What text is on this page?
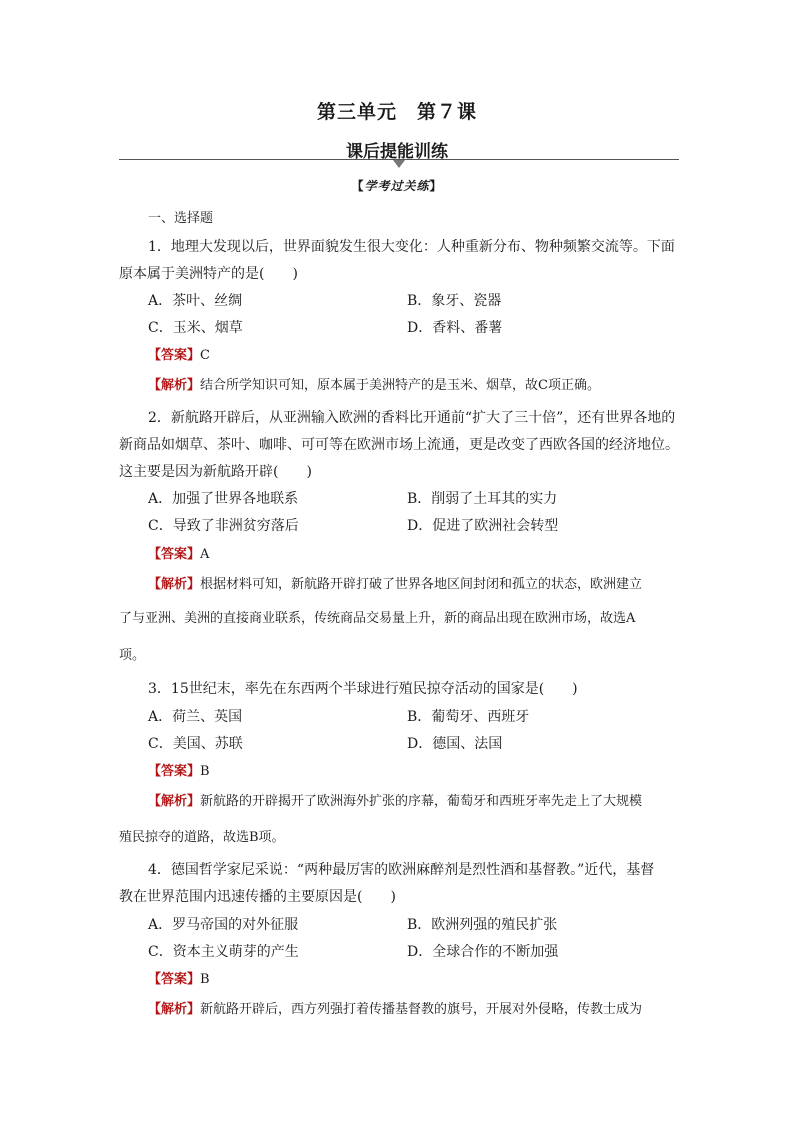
第三单元　第７课
课后提能训练
【学考过关练】
一、选择题
1．地理大发现以后，世界面貌发生很大变化：人种重新分布、物种频繁交流等。下面
原本属于美洲特产的是(　　)
A．茶叶、丝绸	B．象牙、瓷器
C．玉米、烟草	D．香料、番薯
【答案】C
【解析】结合所学知识可知，原本属于美洲特产的是玉米、烟草，故C项正确。
2．新航路开辟后，从亚洲输入欧洲的香料比开通前“扩大了三十倍”，还有世界各地的
新商品如烟草、茶叶、咖啡、可可等在欧洲市场上流通，更是改变了西欧各国的经济地位。
这主要是因为新航路开辟(　　)
A．加强了世界各地联系	B．削弱了土耳其的实力
C．导致了非洲贫穷落后	D．促进了欧洲社会转型
【答案】A
【解析】根据材料可知，新航路开辟打破了世界各地区间封闭和孤立的状态，欧洲建立
了与亚洲、美洲的直接商业联系，传统商品交易量上升，新的商品出现在欧洲市场，故选A
项。
3．15世纪末，率先在东西两个半球进行殖民掠夺活动的国家是(　　)
A．荷兰、英国	B．葡萄牙、西班牙
C．美国、苏联	D．德国、法国
【答案】B
【解析】新航路的开辟揭开了欧洲海外扩张的序幕，葡萄牙和西班牙率先走上了大规模
殖民掠夺的道路，故选B项。
4．德国哲学家尼采说：“两种最厉害的欧洲麻醉剂是烈性酒和基督教。”近代，基督
教在世界范围内迅速传播的主要原因是(　　)
A．罗马帝国的对外征服	B．欧洲列强的殖民扩张
C．资本主义萌芽的产生	D．全球合作的不断加强
【答案】B
【解析】新航路开辟后，西方列强打着传播基督教的旗号，开展对外侵略，传教士成为
